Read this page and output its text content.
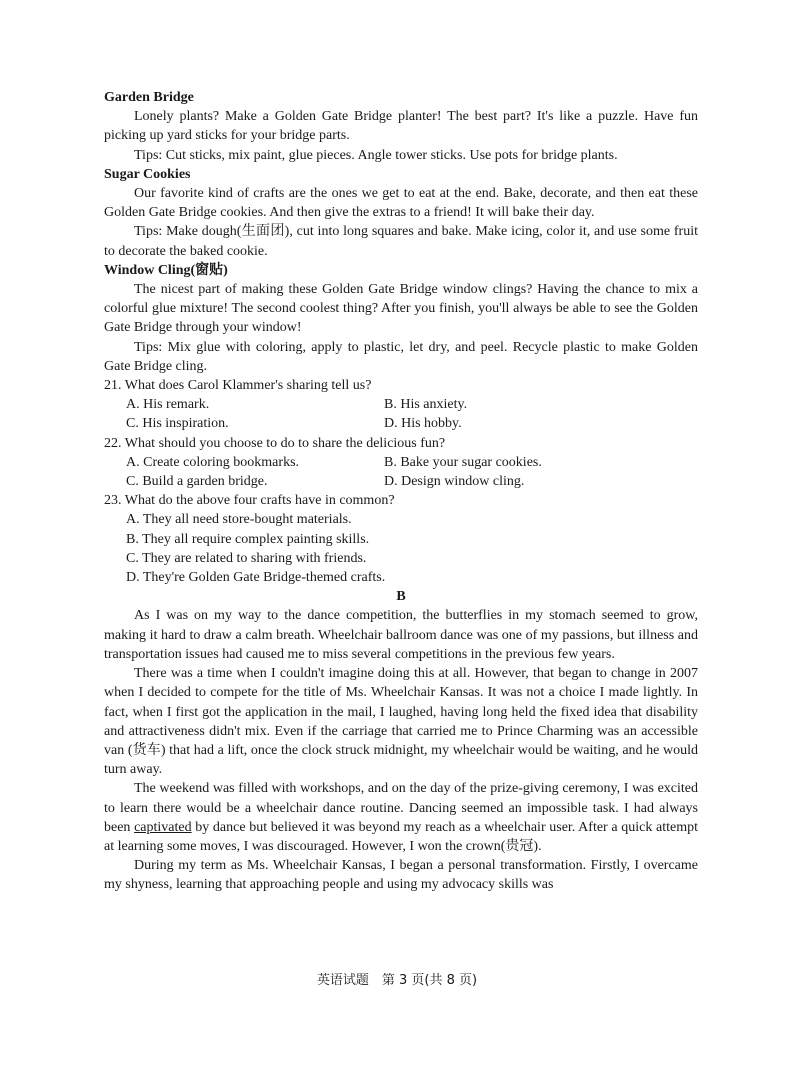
Garden Bridge

Lonely plants? Make a Golden Gate Bridge planter! The best part? It's like a puzzle. Have fun picking up yard sticks for your bridge parts.

Tips: Cut sticks, mix paint, glue pieces. Angle tower sticks. Use pots for bridge plants.

Sugar Cookies

Our favorite kind of crafts are the ones we get to eat at the end. Bake, decorate, and then eat these Golden Gate Bridge cookies. And then give the extras to a friend! It will bake their day.

Tips: Make dough(生面团), cut into long squares and bake. Make icing, color it, and use some fruit to decorate the baked cookie.

Window Cling(窗贴)

The nicest part of making these Golden Gate Bridge window clings? Having the chance to mix a colorful glue mixture! The second coolest thing? After you finish, you'll always be able to see the Golden Gate Bridge through your window!

Tips: Mix glue with coloring, apply to plastic, let dry, and peel. Recycle plastic to make Golden Gate Bridge cling.

21. What does Carol Klammer's sharing tell us?

A. His remark.	B. His anxiety.

C. His inspiration.	D. His hobby.

22. What should you choose to do to share the delicious fun?

A. Create coloring bookmarks.	B. Bake your sugar cookies.

C. Build a garden bridge.	D. Design window cling.

23. What do the above four crafts have in common?

A. They all need store-bought materials.

B. They all require complex painting skills.

C. They are related to sharing with friends.

D. They're Golden Gate Bridge-themed crafts.

B

As I was on my way to the dance competition, the butterflies in my stomach seemed to grow, making it hard to draw a calm breath. Wheelchair ballroom dance was one of my passions, but illness and transportation issues had caused me to miss several competitions in the previous few years.

There was a time when I couldn't imagine doing this at all. However, that began to change in 2007 when I decided to compete for the title of Ms. Wheelchair Kansas. It was not a choice I made lightly. In fact, when I first got the application in the mail, I laughed, having long held the fixed idea that disability and attractiveness didn't mix. Even if the carriage that carried me to Prince Charming was an accessible van (货车) that had a lift, once the clock struck midnight, my wheelchair would be waiting, and he would turn away.

The weekend was filled with workshops, and on the day of the prize-giving ceremony, I was excited to learn there would be a wheelchair dance routine. Dancing seemed an impossible task. I had always been captivated by dance but believed it was beyond my reach as a wheelchair user. After a quick attempt at learning some moves, I was discouraged. However, I won the crown(贵冠).

During my term as Ms. Wheelchair Kansas, I began a personal transformation. Firstly, I overcame my shyness, learning that approaching people and using my advocacy skills was

英语试题　第 3 页(共 8 页)
